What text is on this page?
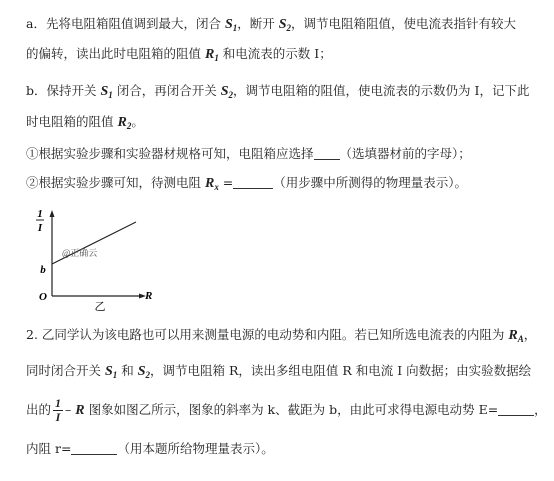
a．先将电阻箱阻值调到最大，闭合 $S_1$，断开 $S_2$，调节电阻箱阻值，使电流表指针有较大
的偏转，读出此时电阻箱的阻值 $R_1$ 和电流表的示数 I；
b．保持开关 $S_1$ 闭合，再闭合开关 $S_2$，调节电阻箱的阻值，使电流表的示数仍为 I，记下此
时电阻箱的阻值 $R_2$。
①根据实验步骤和实验器材规格可知，电阻箱应选择 （选填器材前的字母）；
②根据实验步骤可知，待测电阻 $R_x$ =	（用步骤中所测得的物理量表示）。
1
I
b
@正确云
O	R
乙
2. 乙同学认为该电路也可以用来测量电源的电动势和内阻。若已知所选电流表的内阻为 $R_A$，
同时闭合开关 $S_1$ 和 $S_2$，调节电阻箱 R，读出多组电阻值 R 和电流 I 向数据；由实验数据绘
出的 $\frac{1}{I}$ – R 图象如图乙所示，图象的斜率为 k、截距为 b，由此可求得电源电动势 E=	，
内阻 r=	（用本题所给物理量表示）。
